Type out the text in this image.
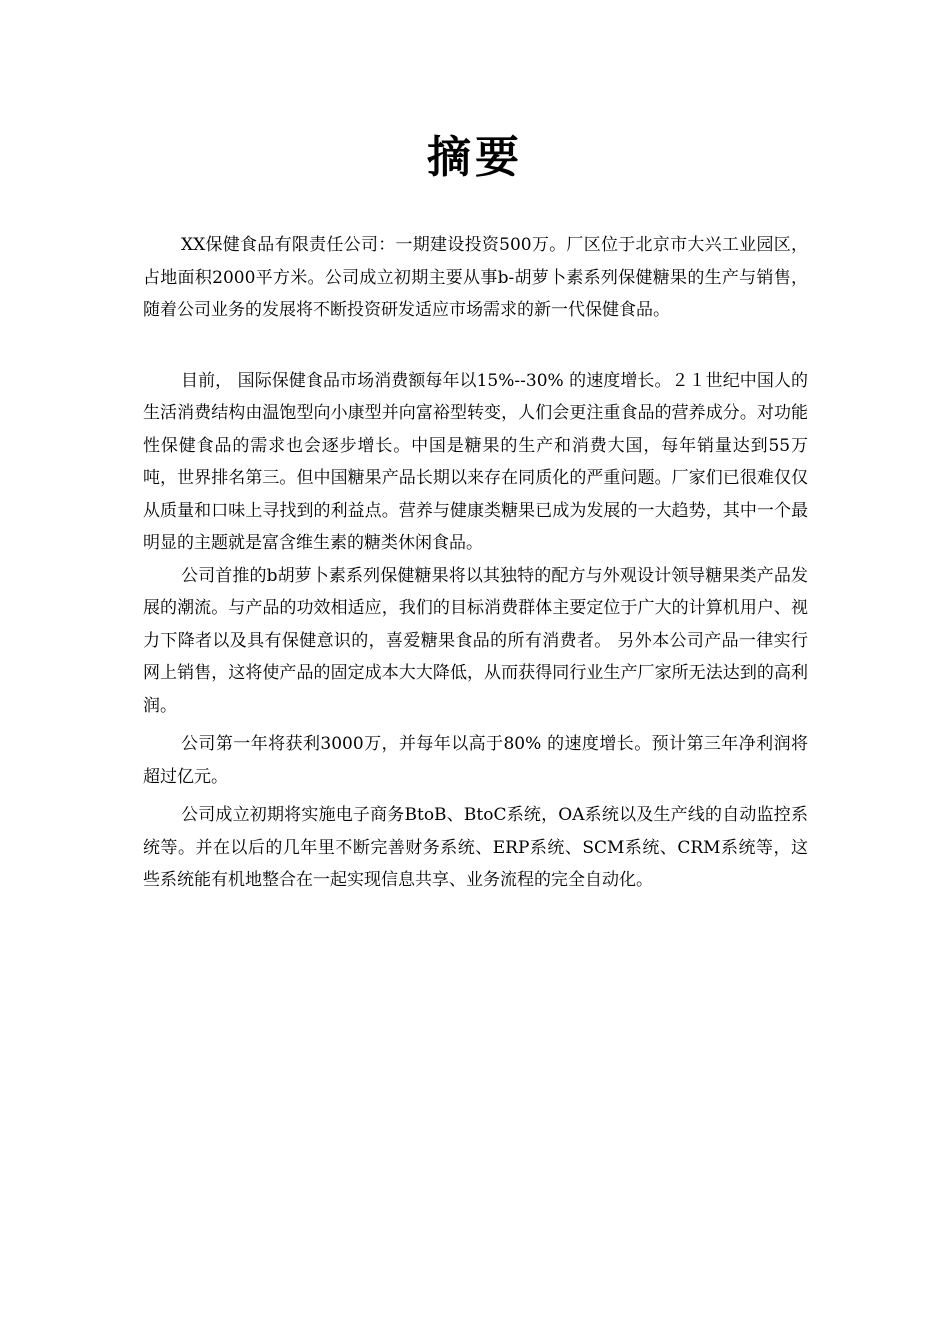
摘要

XX保健食品有限责任公司：一期建设投资500万。厂区位于北京市大兴工业园区，占地面积2000平方米。公司成立初期主要从事b-胡萝卜素系列保健糖果的生产与销售，随着公司业务的发展将不断投资研发适应市场需求的新一代保健食品。

目前， 国际保健食品市场消费额每年以15%--30% 的速度增长。２１世纪中国人的生活消费结构由温饱型向小康型并向富裕型转变，人们会更注重食品的营养成分。对功能性保健食品的需求也会逐步增长。中国是糖果的生产和消费大国，每年销量达到55万吨，世界排名第三。但中国糖果产品长期以来存在同质化的严重问题。厂家们已很难仅仅从质量和口味上寻找到的利益点。营养与健康类糖果已成为发展的一大趋势，其中一个最明显的主题就是富含维生素的糖类休闲食品。

公司首推的b胡萝卜素系列保健糖果将以其独特的配方与外观设计领导糖果类产品发展的潮流。与产品的功效相适应，我们的目标消费群体主要定位于广大的计算机用户、视力下降者以及具有保健意识的，喜爱糖果食品的所有消费者。 另外本公司产品一律实行网上销售，这将使产品的固定成本大大降低，从而获得同行业生产厂家所无法达到的高利润。

公司第一年将获利3000万，并每年以高于80% 的速度增长。预计第三年净利润将超过亿元。

公司成立初期将实施电子商务BtoB、BtoC系统，OA系统以及生产线的自动监控系统等。并在以后的几年里不断完善财务系统、ERP系统、SCM系统、CRM系统等，这些系统能有机地整合在一起实现信息共享、业务流程的完全自动化。
